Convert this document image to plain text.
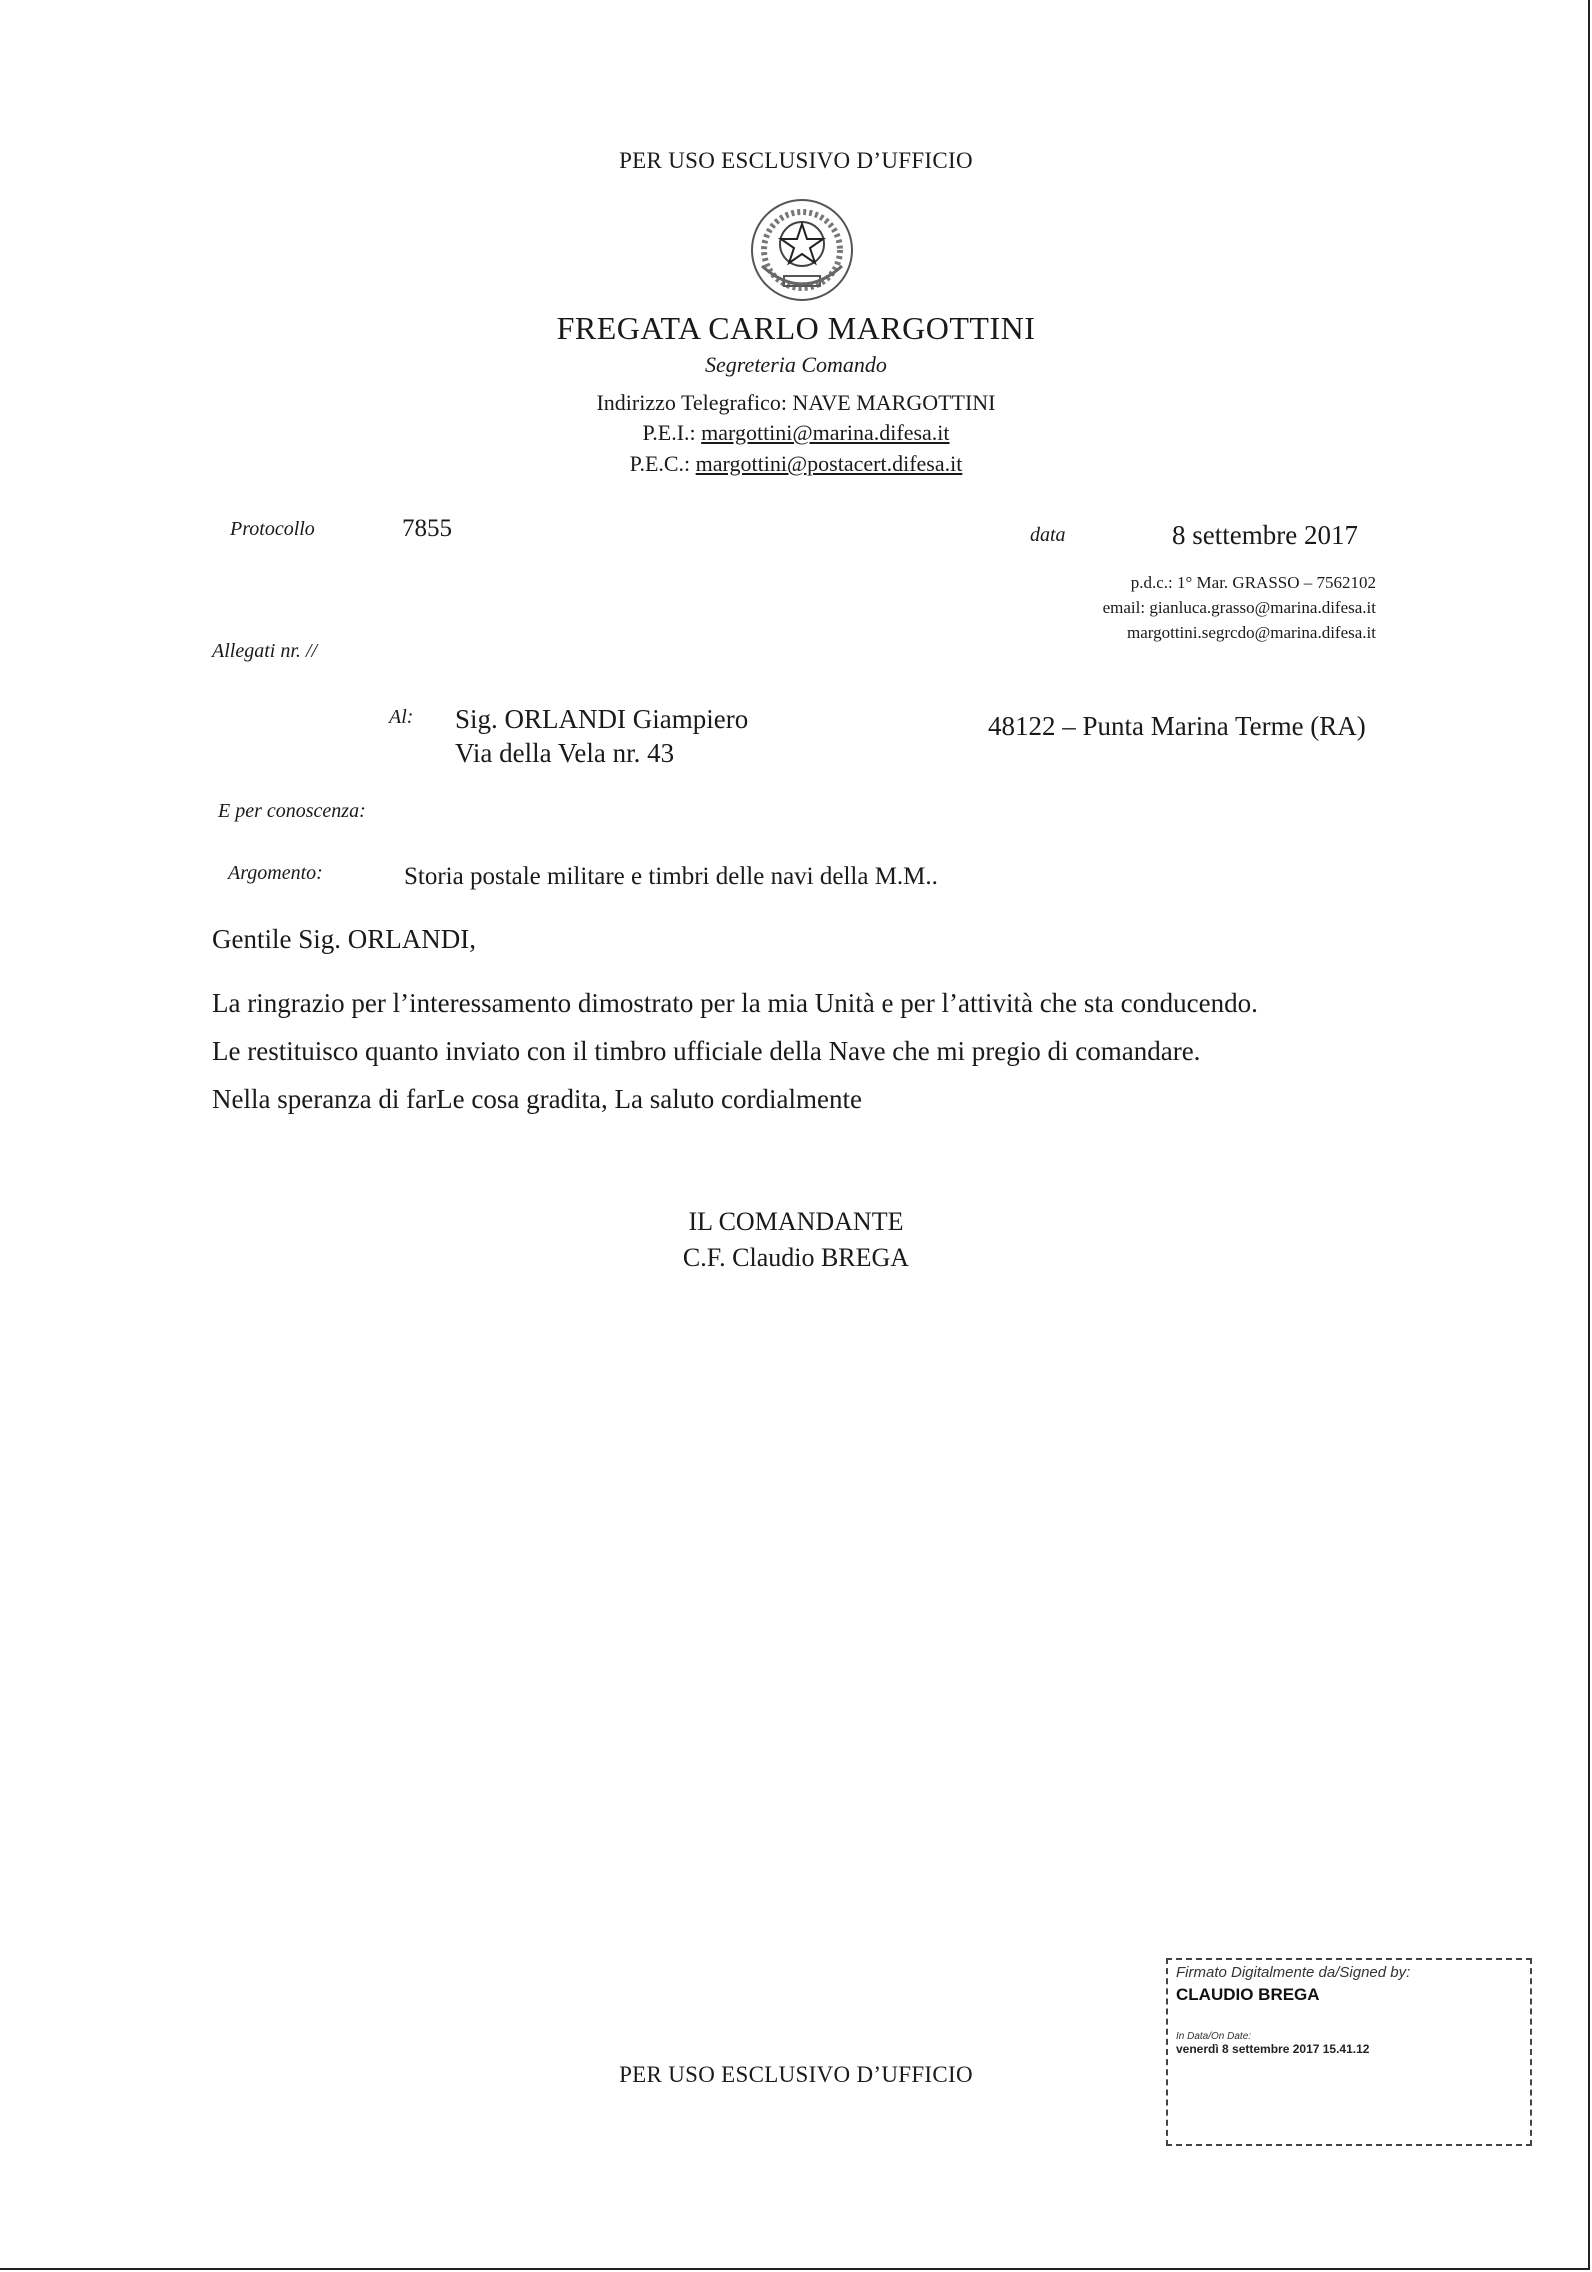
PER USO ESCLUSIVO D’UFFICIO
FREGATA CARLO MARGOTTINI
Segreteria Comando
Indirizzo Telegrafico: NAVE MARGOTTINI
P.E.I.: margottini@marina.difesa.it
P.E.C.: margottini@postacert.difesa.it
Protocollo	7855	data	8 settembre 2017
p.d.c.: 1° Mar. GRASSO – 7562102
email: gianluca.grasso@marina.difesa.it
margottini.segrcdo@marina.difesa.it
Allegati nr. //
Al: Sig. ORLANDI Giampiero
Via della Vela nr. 43
48122 – Punta Marina Terme (RA)
E per conoscenza:
Argomento:	Storia postale militare e timbri delle navi della M.M..
Gentile Sig. ORLANDI,
La ringrazio per l’interessamento dimostrato per la mia Unità e per l’attività che sta conducendo.
Le restituisco quanto inviato con il timbro ufficiale della Nave che mi pregio di comandare.
Nella speranza di farLe cosa gradita, La saluto cordialmente
IL COMANDANTE
C.F. Claudio BREGA
PER USO ESCLUSIVO D’UFFICIO
Firmato Digitalmente da/Signed by:
CLAUDIO BREGA
In Data/On Date:
venerdì 8 settembre 2017 15.41.12
